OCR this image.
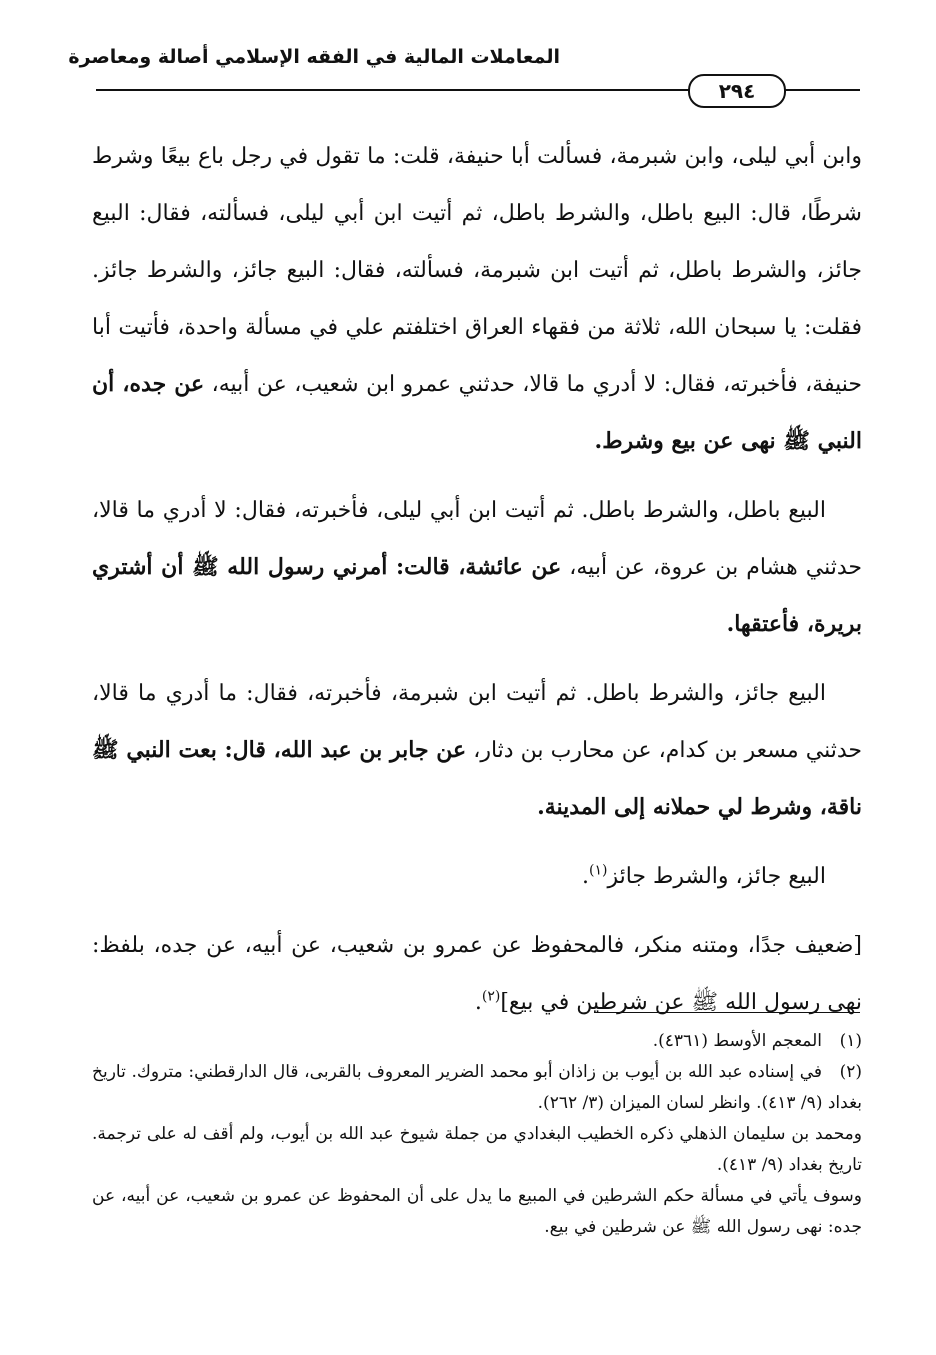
المعاملات المالية في الفقه الإسلامي أصالة ومعاصرة
٢٩٤

وابن أبي ليلى، وابن شبرمة، فسألت أبا حنيفة، قلت: ما تقول في رجل باع بيعًا وشرط شرطًا، قال: البيع باطل، والشرط باطل، ثم أتيت ابن أبي ليلى، فسألته، فقال: البيع جائز، والشرط باطل، ثم أتيت ابن شبرمة، فسألته، فقال: البيع جائز، والشرط جائز. فقلت: يا سبحان الله، ثلاثة من فقهاء العراق اختلفتم علي في مسألة واحدة، فأتيت أبا حنيفة، فأخبرته، فقال: لا أدري ما قالا، حدثني عمرو ابن شعيب، عن أبيه، عن جده، أن النبي ﷺ نهى عن بيع وشرط.

البيع باطل، والشرط باطل. ثم أتيت ابن أبي ليلى، فأخبرته، فقال: لا أدري ما قالا، حدثني هشام بن عروة، عن أبيه، عن عائشة، قالت: أمرني رسول الله ﷺ أن أشتري بريرة، فأعتقها.

البيع جائز، والشرط باطل. ثم أتيت ابن شبرمة، فأخبرته، فقال: ما أدري ما قالا، حدثني مسعر بن كدام، عن محارب بن دثار، عن جابر بن عبد الله، قال: بعت النبي ﷺ ناقة، وشرط لي حملانه إلى المدينة.

البيع جائز، والشرط جائز$^{(١)}$.

[ضعيف جدًا، ومتنه منكر، فالمحفوظ عن عمرو بن شعيب، عن أبيه، عن جده، بلفظ: نهى رسول الله ﷺ عن شرطين في بيع]$^{(٢)}$.

(١)المعجم الأوسط (٤٣٦١).

(٢)في إسناده عبد الله بن أيوب بن زاذان أبو محمد الضرير المعروف بالقربى، قال الدارقطني: متروك. تاريخ بغداد (٩/ ٤١٣). وانظر لسان الميزان (٣/ ٢٦٢).

ومحمد بن سليمان الذهلي ذكره الخطيب البغدادي من جملة شيوخ عبد الله بن أيوب، ولم أقف له على ترجمة. تاريخ بغداد (٩/ ٤١٣).

وسوف يأتي في مسألة حكم الشرطين في المبيع ما يدل على أن المحفوظ عن عمرو بن شعيب، عن أبيه، عن جده: نهى رسول الله ﷺ عن شرطين في بيع.
